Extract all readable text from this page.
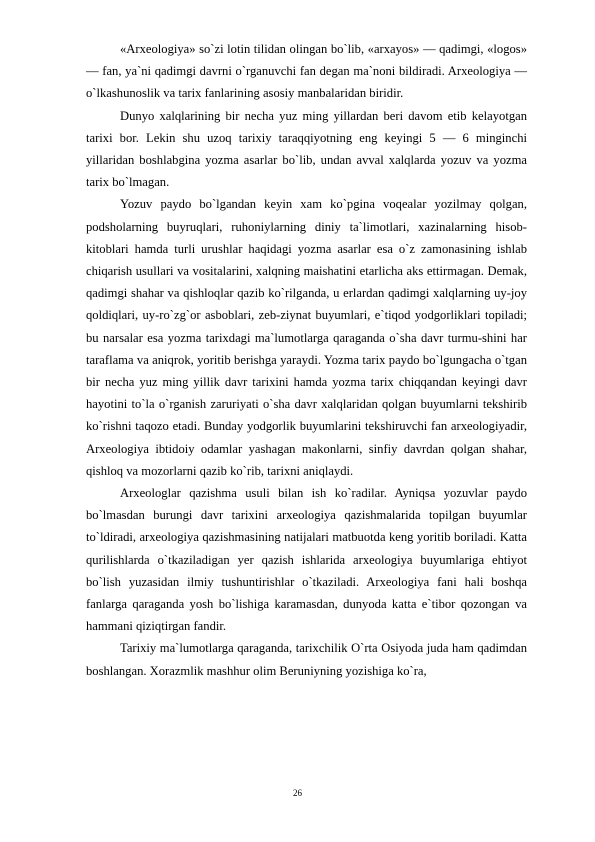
«Arxeologiya» so`zi lotin tilidan olingan bo`lib, «arxayos» — qadimgi, «logos» — fan, ya`ni qadimgi davrni o`rganuvchi fan degan ma`noni bildiradi. Arxeologiya — o`lkashunoslik va tarix fanlarining asosiy manbalaridan biridir.

Dunyo xalqlarining bir necha yuz ming yillardan beri davom etib kelayotgan tarixi bor. Lekin shu uzoq tarixiy taraqqiyotning eng keyingi 5 — 6 minginchi yillaridan boshlabgina yozma asarlar bo`lib, undan avval xalqlarda yozuv va yozma tarix bo`lmagan.

Yozuv paydo bo`lgandan keyin xam ko`pgina voqealar yozilmay qolgan, podsholarning buyruqlari, ruhoniylarning diniy ta`limotlari, xazinalarning hisob- kitoblari hamda turli urushlar haqidagi yozma asarlar esa o`z zamonasining ishlab chiqarish usullari va vositalarini, xalqning maishatini etarlicha aks ettirmagan. Demak, qadimgi shahar va qishloqlar qazib ko`rilganda, u erlardan qadimgi xalqlarning uy-joy qoldiqlari, uy-ro`zg`or asboblari, zeb-ziynat buyumlari, e`tiqod yodgorliklari topiladi; bu narsalar esa yozma tarixdagi ma`lumotlarga qaraganda o`sha davr turmu-shini har taraflama va aniqrok, yoritib berishga yaraydi. Yozma tarix paydo bo`lgungacha o`tgan bir necha yuz ming yillik davr tarixini hamda yozma tarix chiqqandan keyingi davr hayotini to`la o`rganish zaruriyati o`sha davr xalqlaridan qolgan buyumlarni tekshirib ko`rishni taqozo etadi. Bunday yodgorlik buyumlarini tekshiruvchi fan arxeologiyadir, Arxeologiya ibtidoiy odamlar yashagan makonlarni, sinfiy davrdan qolgan shahar, qishloq va mozorlarni qazib ko`rib, tarixni aniqlaydi.

Arxeologlar qazishma usuli bilan ish ko`radilar. Ayniqsa yozuvlar paydo bo`lmasdan burungi davr tarixini arxeologiya qazishmalarida topilgan buyumlar to`ldiradi, arxeologiya qazishmasining natijalari matbuotda keng yoritib boriladi. Katta qurilishlarda o`tkaziladigan yer qazish ishlarida arxeologiya buyumlariga ehtiyot bo`lish yuzasidan ilmiy tushuntirishlar o`tkaziladi. Arxeologiya fani hali boshqa fanlarga qaraganda yosh bo`lishiga karamasdan, dunyoda katta e`tibor qozongan va hammani qiziqtirgan fandir.

Tarixiy ma`lumotlarga qaraganda, tarixchilik O`rta Osiyoda juda ham qadimdan boshlangan. Xorazmlik mashhur olim Beruniyning yozishiga ko`ra,

26
